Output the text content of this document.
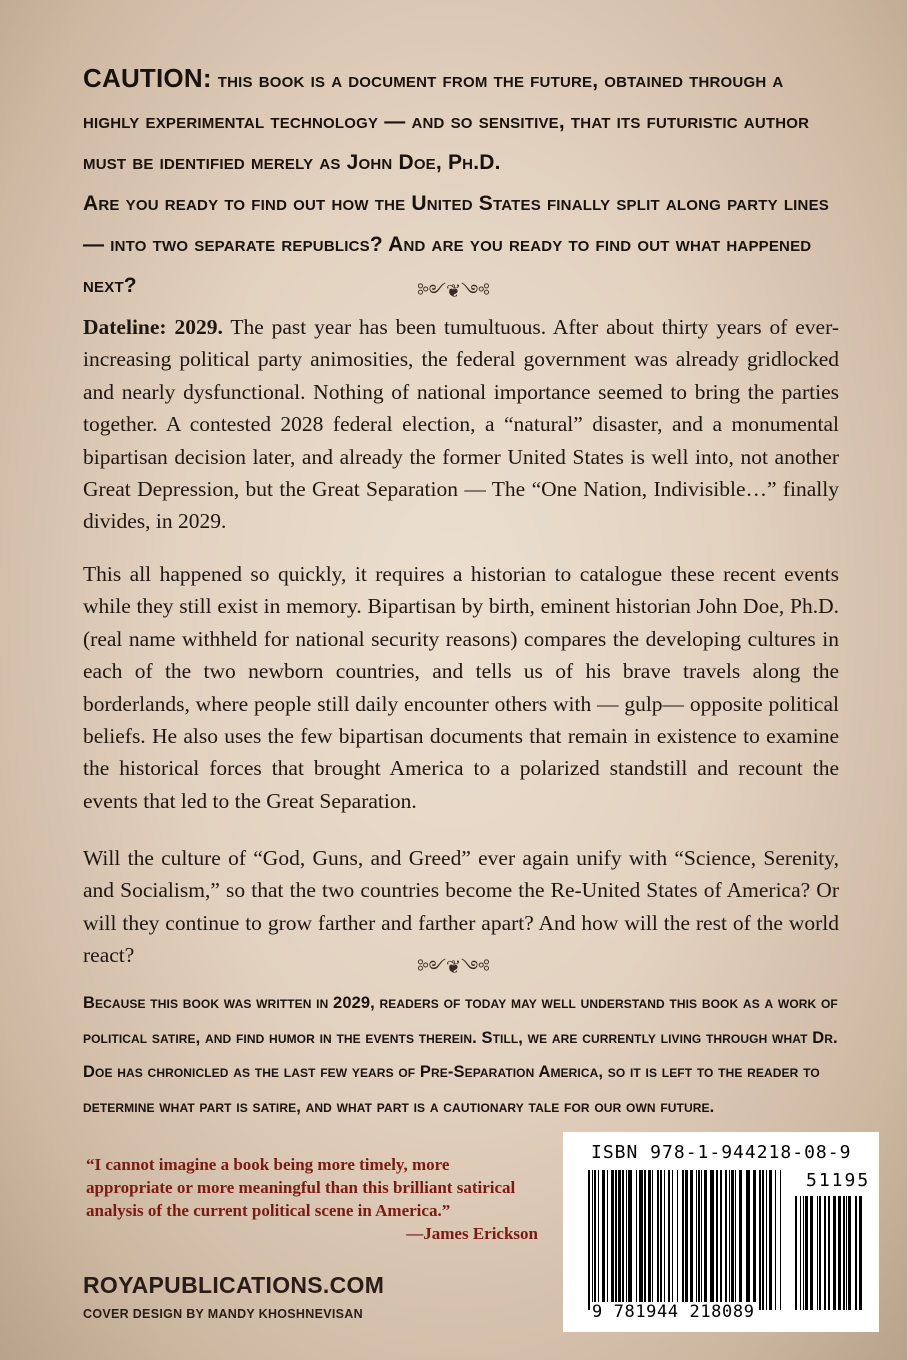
CAUTION: this book is a document from the future, obtained through a highly experimental technology — and so sensitive, that its futuristic author must be identified merely as John Doe, Ph.D.
Are you ready to find out how the United States finally split along party lines — into two separate republics? And are you ready to find out what happened next?	༻❦༺
Dateline: 2029. The past year has been tumultuous. After about thirty years of ever-increasing political party animosities, the federal government was already gridlocked and nearly dysfunctional. Nothing of national importance seemed to bring the parties together. A contested 2028 federal election, a “natural” disaster, and a monumental bipartisan decision later, and already the former United States is well into, not another Great Depression, but the Great Separation — The “One Nation, Indivisible…” finally divides, in 2029.
This all happened so quickly, it requires a historian to catalogue these recent events while they still exist in memory. Bipartisan by birth, eminent historian John Doe, Ph.D. (real name withheld for national security reasons) compares the developing cultures in each of the two newborn countries, and tells us of his brave travels along the borderlands, where people still daily encounter others with — gulp— opposite political beliefs. He also uses the few bipartisan documents that remain in existence to examine the historical forces that brought America to a polarized standstill and recount the events that led to the Great Separation.
Will the culture of “God, Guns, and Greed” ever again unify with “Science, Serenity, and Socialism,” so that the two countries become the Re-United States of America? Or will they continue to grow farther and farther apart? And how will the rest of the world react?
༻❦༺
Because this book was written in 2029, readers of today may well understand this book as a work of political satire, and find humor in the events therein. Still, we are currently living through what Dr. Doe has chronicled as the last few years of Pre-Separation America, so it is left to the reader to determine what part is satire, and what part is a cautionary tale for our own future.
“I cannot imagine a book being more timely, more appropriate or more meaningful than this brilliant satirical analysis of the current political scene in America.”
—James Erickson
ROYAPUBLICATIONS.COM
COVER DESIGN BY MANDY KHOSHNEVISAN
ISBN 978-1-944218-08-9
51195
9 781944 218089
